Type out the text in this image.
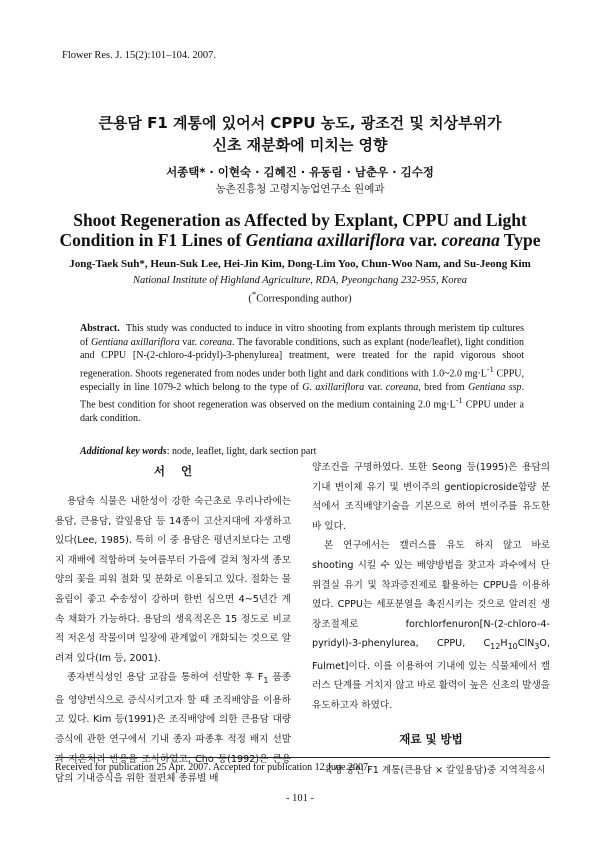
Flower Res. J. 15(2):101–104. 2007.
큰용담 F1 계통에 있어서 CPPU 농도, 광조건 및 치상부위가
신초 재분화에 미치는 영향
서종택* · 이현숙 · 김혜진 · 유동림 · 남춘우 · 김수정
농촌진흥청 고령지농업연구소 원예과
Shoot Regeneration as Affected by Explant, CPPU and Light
Condition in F1 Lines of Gentiana axillariflora var. coreana Type
Jong-Taek Suh*, Heun-Suk Lee, Hei-Jin Kim, Dong-Lim Yoo, Chun-Woo Nam, and Su-Jeong Kim
National Institute of Highland Agriculture, RDA, Pyeongchang 232-955, Korea
(*Corresponding author)
Abstract. This study was conducted to induce in vitro shooting from explants through meristem tip cultures of Gentiana axillariflora var. coreana. The favorable conditions, such as explant (node/leaflet), light condition and CPPU [N-(2-chloro-4-pridyl)-3-phenylurea] treatment, were treated for the rapid vigorous shoot regeneration. Shoots regenerated from nodes under both light and dark conditions with 1.0~2.0 $mg\cdot L^{-1}$ CPPU, especially in line 1079-2 which belong to the type of G. axillariflora var. coreana, bred from Gentiana ssp. The best condition for shoot regeneration was observed on the medium containing 2.0 $mg\cdot L^{-1}$ CPPU under a dark condition.
Additional key words: node, leaflet, light, dark section part
서    언

용담속 식물은 내한성이 강한 숙근초로 우리나라에는 용담, 큰용담, 칼잎용담 등 14종이 고산지대에 자생하고 있다(Lee, 1985). 특히 이 중 용담은 평년지보다는 고랭지 재배에 적합하며 늦여름부터 가을에 걸쳐 청자색 종모양의 꽃을 피워 절화 및 분화로 이용되고 있다. 절화는 물올림이 좋고 수송성이 강하며 한번 심으면 4~5년간 계속 채화가 가능하다. 용담의 생육적온은 15 정도로 비교적 저온성 작물이며 일장에 관계없이 개화되는 것으로 알려져 있다(Im 등, 2001).

종자번식성인 용담 교잡을 통하여 선발한 후 $F_1$ 품종을 영양번식으로 증식시키고자 할 때 조직배양을 이용하고 있다. Kim 등(1991)은 조직배양에 의한 큰용담 대량증식에 관한 연구에서 기내 종자 파종후 적정 배지 선발과 저온처리 반응을 조사하였고, Cho 등(1992)은 큰용담의 기내증식을 위한 절편체 종류별 배

양조건을 구명하였다. 또한 Seong 등(1995)은 용담의 기내 변이체 유기 및 변이주의 gentiopicroside함량 분석에서 조직배양기술을 기본으로 하여 변이주를 유도한 바 있다.

본 연구에서는 캘러스를 유도 하지 않고 바로 shooting 시킬 수 있는 배양방법을 찾고자 과수에서 단위결실 유기 및 착과증진제로 활용하는 CPPU을 이용하였다. CPPU는 세포분열을 촉진시키는 것으로 알려진 생장조절제로 forchlorfenuron[N-(2-chloro-4-pyridyl)-3-phenylurea, CPPU, $C_{12}H_{10}ClN_3O$, Fulmet]이다. 이를 이용하여 기내에 있는 식물체에서 캘러스 단계를 거치지 않고 바로 활력이 높은 신초의 발생을 유도하고자 하였다.

재료 및 방법

육성 중인 F1 계통(큰용담 × 칼잎용담)중 지역적응시

Received for publication 25 Apr. 2007. Accepted for publication 12 June 2007.
- 101 -
